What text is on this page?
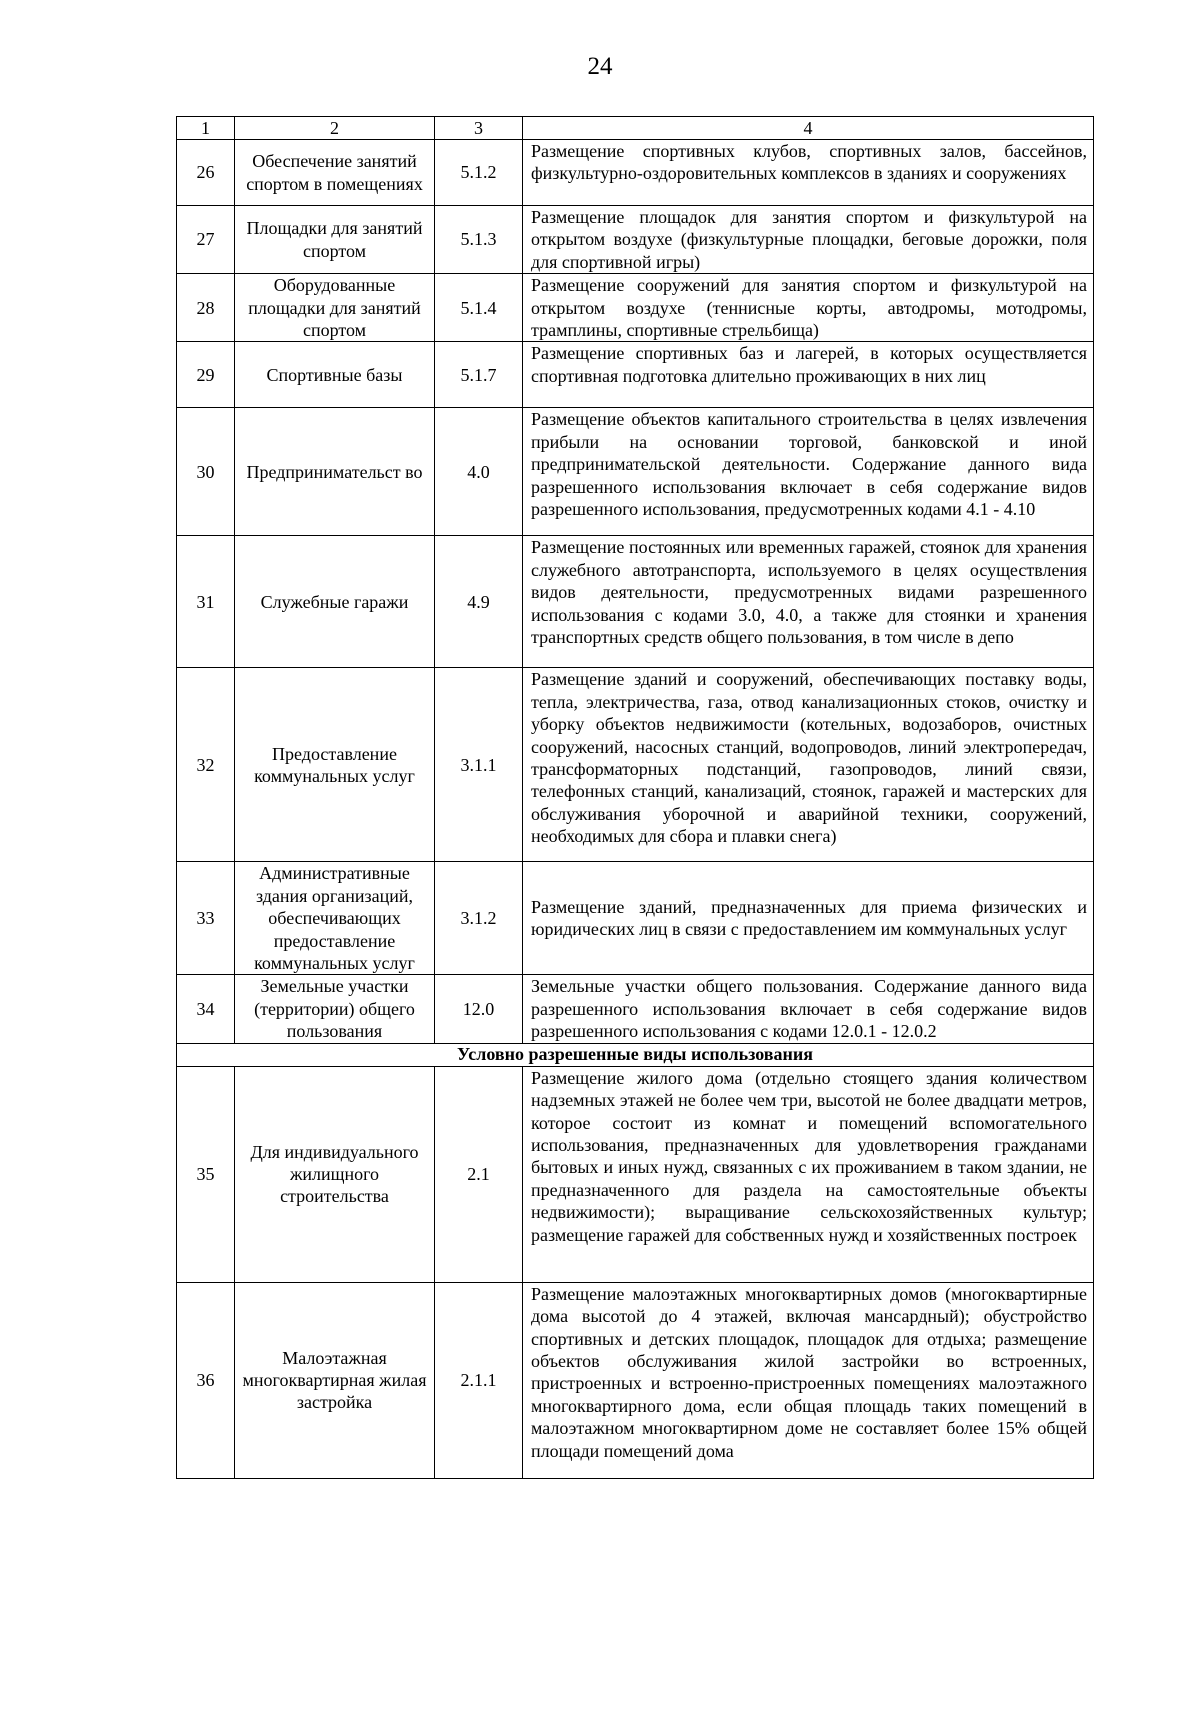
24
1	2	3	4
26	Обеспечение занятий спортом в помещениях	5.1.2	Размещение спортивных клубов, спортивных залов, бассейнов, физкультурно-оздоровительных комплексов в зданиях и сооружениях
27	Площадки для занятий спортом	5.1.3	Размещение площадок для занятия спортом и физкультурой на открытом воздухе (физкультурные площадки, беговые дорожки, поля для спортивной игры)
28	Оборудованные площадки для занятий спортом	5.1.4	Размещение сооружений для занятия спортом и физкультурой на открытом воздухе (теннисные корты, автодромы, мотодромы, трамплины, спортивные стрельбища)
29	Спортивные базы	5.1.7	Размещение спортивных баз и лагерей, в которых осуществляется спортивная подготовка длительно проживающих в них лиц
30	Предпринимательст во	4.0	Размещение объектов капитального строительства в целях извлечения прибыли на основании торговой, банковской и иной предпринимательской деятельности. Содержание данного вида разрешенного использования включает в себя содержание видов разрешенного использования, предусмотренных кодами 4.1 - 4.10
31	Служебные гаражи	4.9	Размещение постоянных или временных гаражей, стоянок для хранения служебного автотранспорта, используемого в целях осуществления видов деятельности, предусмотренных видами разрешенного использования с кодами 3.0, 4.0, а также для стоянки и хранения транспортных средств общего пользования, в том числе в депо
32	Предоставление коммунальных услуг	3.1.1	Размещение зданий и сооружений, обеспечивающих поставку воды, тепла, электричества, газа, отвод канализационных стоков, очистку и уборку объектов недвижимости (котельных, водозаборов, очистных сооружений, насосных станций, водопроводов, линий электропередач, трансформаторных подстанций, газопроводов, линий связи, телефонных станций, канализаций, стоянок, гаражей и мастерских для обслуживания уборочной и аварийной техники, сооружений, необходимых для сбора и плавки снега)
33	Административные здания организаций, обеспечивающих предоставление коммунальных услуг	3.1.2	Размещение зданий, предназначенных для приема физических и юридических лиц в связи с предоставлением им коммунальных услуг
34	Земельные участки (территории) общего пользования	12.0	Земельные участки общего пользования. Содержание данного вида разрешенного использования включает в себя содержание видов разрешенного использования с кодами 12.0.1 - 12.0.2
Условно разрешенные виды использования			
35	Для индивидуального жилищного строительства	2.1	Размещение жилого дома (отдельно стоящего здания количеством надземных этажей не более чем три, высотой не более двадцати метров, которое состоит из комнат и помещений вспомогательного использования, предназначенных для удовлетворения гражданами бытовых и иных нужд, связанных с их проживанием в таком здании, не предназначенного для раздела на самостоятельные объекты недвижимости); выращивание сельскохозяйственных культур; размещение гаражей для собственных нужд и хозяйственных построек
36	Малоэтажная многоквартирная жилая застройка	2.1.1	Размещение малоэтажных многоквартирных домов (многоквартирные дома высотой до 4 этажей, включая мансардный); обустройство спортивных и детских площадок, площадок для отдыха; размещение объектов обслуживания жилой застройки во встроенных, пристроенных и встроенно-пристроенных помещениях малоэтажного многоквартирного дома, если общая площадь таких помещений в малоэтажном многоквартирном доме не составляет более 15% общей площади помещений дома
